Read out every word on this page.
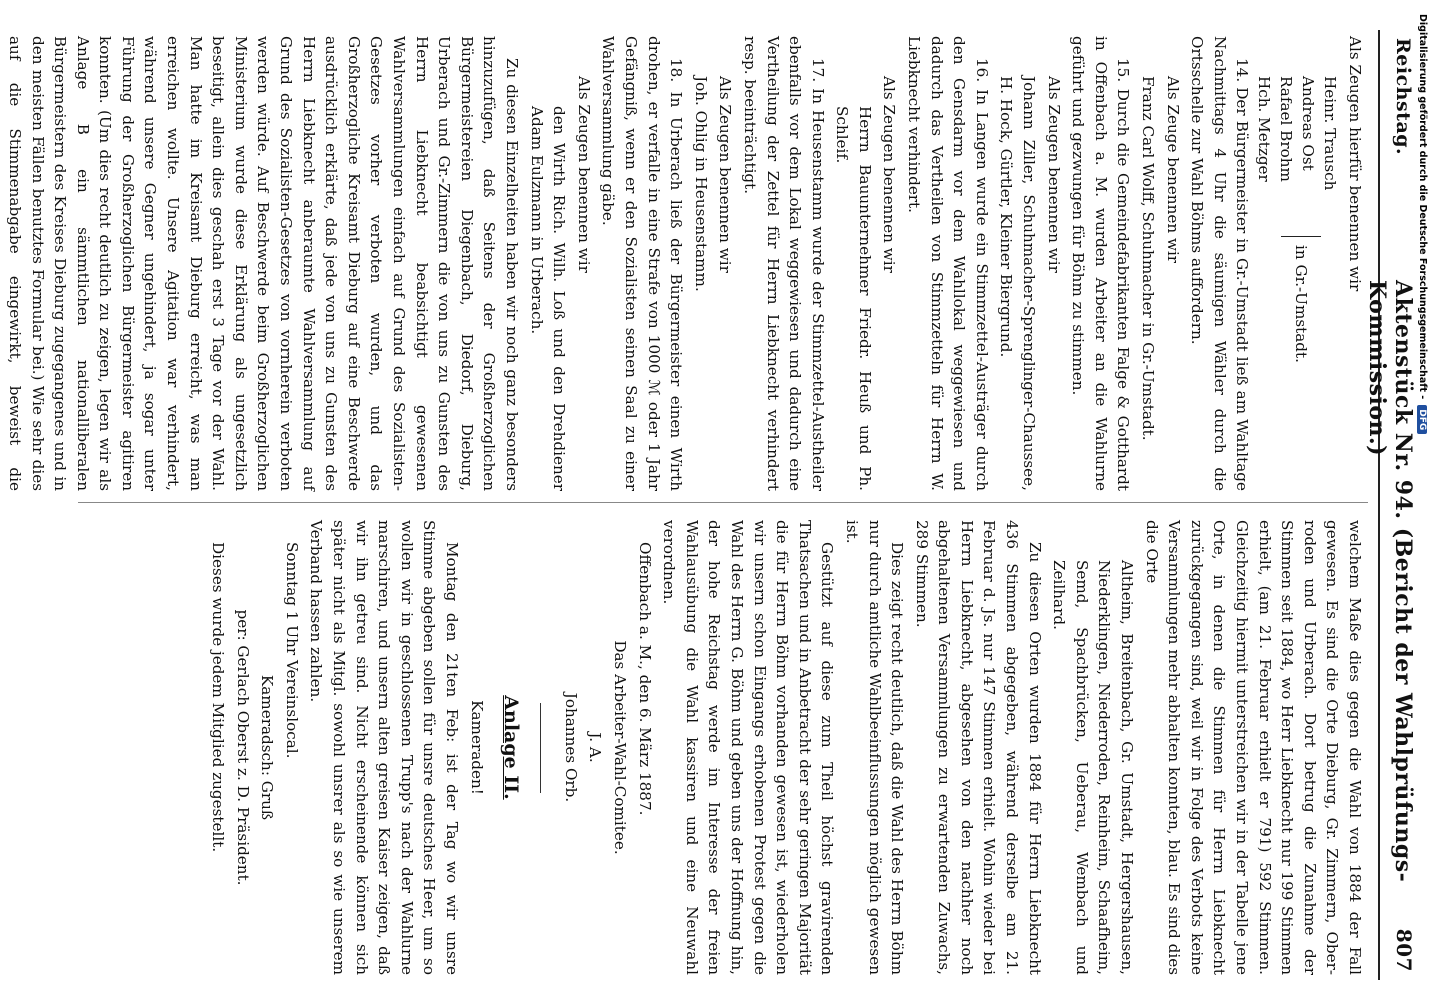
Reichstag.
Aktenstück Nr. 94. (Bericht der Wahlprüfungs-Kommission.)
807

Als Zeugen hierfür benennen wir

Heinr. Trausch
Andreas Ost
Rafael Brohm
Hch. Metzger
in Gr.-Umstadt.

14. Der Bürgermeister in Gr.-Umstadt ließ am Wahltage Nachmittags 4 Uhr die säumigen Wähler durch die Ortsschelle zur Wahl Böhms auffordern.

Als Zeuge benennen wir

Franz Carl Wolff, Schuhmacher in Gr.-Umstadt.

15. Durch die Gemeindefabrikanten Falge & Gotthardt in Offenbach a. M. wurden Arbeiter an die Wahlurne geführt und gezwungen für Böhm zu stimmen.

Als Zeugen benennen wir

Johann Ziller, Schuhmacher-Sprenglinger-Chaussee, H. Hock, Gürtler, Kleiner Biergrund.

16. In Langen wurde ein Stimmzettel-Austräger durch den Gensdarm vor dem Wahllokal weggewiesen und dadurch das Vertheilen von Stimmzetteln für Herrn W. Liebknecht verhindert.

Als Zeugen benennen wir

Herrn Bauunternehmer Friedr. Heuß und Ph. Schleif.

17. In Heusenstamm wurde der Stimmzettel-Austheiler ebenfalls vor dem Lokal weggewiesen und dadurch eine Vertheilung der Zettel für Herrn Liebknecht verhindert resp. beeinträchtigt.

Als Zeugen benennen wir

Joh. Ohlig in Heusenstamm.

18. In Urberach ließ der Bürgermeister einen Wirth drohen, er verfalle in eine Strafe von 1000 ℳ oder 1 Jahr Gefängniß, wenn er den Sozialisten seinen Saal zu einer Wahlversammlung gäbe.

Als Zeugen benennen wir

den Wirth Rich. Wilh. Loß und den Drehdiener Adam Eulzmann in Urberach.

Zu diesen Einzelheiten haben wir noch ganz besonders hinzuzufügen, daß Seitens der Großherzoglichen Bürgermeistereien Diegenbach, Diedorf, Dieburg, Urberach und Gr.-Zimmern die von uns zu Gunsten des Herrn Liebknecht beabsichtigt gewesenen Wahlversammlungen einfach auf Grund des Sozialisten-Gesetzes vorher verboten wurden, und das Großherzogliche Kreisamt Dieburg auf eine Beschwerde ausdrücklich erklärte, daß jede von uns zu Gunsten des Herrn Liebknecht anberaumte Wahlversammlung auf Grund des Sozialisten-Gesetzes von vornherein verboten werden würde. Auf Beschwerde beim Großherzoglichen Ministerium wurde diese Erklärung als ungesetzlich beseitigt, allein dies geschah erst 3 Tage vor der Wahl. Man hatte im Kreisamt Dieburg erreicht, was man erreichen wollte. Unsere Agitation war verhindert, während unsere Gegner ungehindert, ja sogar unter Führung der Großherzoglichen Bürgermeister agitiren konnten. (Um dies recht deutlich zu zeigen, legen wir als Anlage B ein sämmtlichen nationalliberalen Bürgermeistern des Kreises Dieburg zugegangenes und in den meisten Fällen benutztes Formular bei.) Wie sehr dies auf die Stimmenabgabe eingewirkt, beweist die

welchem Maße dies gegen die Wahl von 1884 der Fall gewesen. Es sind die Orte Dieburg, Gr. Zimmern, Ober-roden und Urberach. Dort betrug die Zunahme der Stimmen seit 1884, wo Herr Liebknecht nur 199 Stimmen erhielt, (am 21. Februar erhielt er 791) 592 Stimmen. Gleichzeitig hiermit unterstreichen wir in der Tabelle jene Orte, in denen die Stimmen für Herrn Liebknecht zurückgegangen sind, weil wir in Folge des Verbots keine Versammlungen mehr abhalten konnten, blau. Es sind dies die Orte

Altheim, Breitenbach, Gr. Umstadt, Hergershausen, Niederklingen, Niederroden, Reinheim, Schaafheim, Semd, Spachbrücken, Ueberau, Wembach und Zeilhard.

Zu diesen Orten wurden 1884 für Herrn Liebknecht 436 Stimmen abgegeben, während derselbe am 21. Februar d. Js. nur 147 Stimmen erhielt. Wohin wieder bei Herrn Liebknecht, abgesehen von den nachher noch abgehaltenen Versammlungen zu erwartenden Zuwachs, 289 Stimmen.

Dies zeigt recht deutlich, daß die Wahl des Herrn Böhm nur durch amtliche Wahlbeeinflussungen möglich gewesen ist.

Gestützt auf diese zum Theil höchst gravirenden Thatsachen und in Anbetracht der sehr geringen Majorität die für Herrn Böhm vorhanden gewesen ist, wiederholen wir unsern schon Eingangs erhobenen Protest gegen die Wahl des Herrn G. Böhm und geben uns der Hoffnung hin, der hohe Reichstag werde im Interesse der freien Wahlausübung die Wahl kassiren und eine Neuwahl verordnen.

Offenbach a. M., den 6. März 1887.

Das Arbeiter-Wahl-Comitee.

J. A.

Johannes Orb.

Anlage II.

Kameraden!

Montag den 21ten Feb: ist der Tag wo wir unsre Stimme abgeben sollen für unsre deutsches Heer, um so wollen wir in geschlossenen Trupp's nach der Wahlurne marschiren, und unsern alten greisen Kaiser zeigen, daß wir ihn getreu sind. Nicht erscheinende können sich später nicht als Mitgl. sowohl unsrer als so wie unserem Verband hassen zahlen.

Sonntag 1 Uhr Vereinslocal.

Kameradsch: Gruß

per: Gerlach Oberst z. D. Präsident.

Dieses wurde jedem Mitglied zugestellt.

Digitalisierung gefördert durch die Deutsche Forschungsgemeinschaft -DFG
